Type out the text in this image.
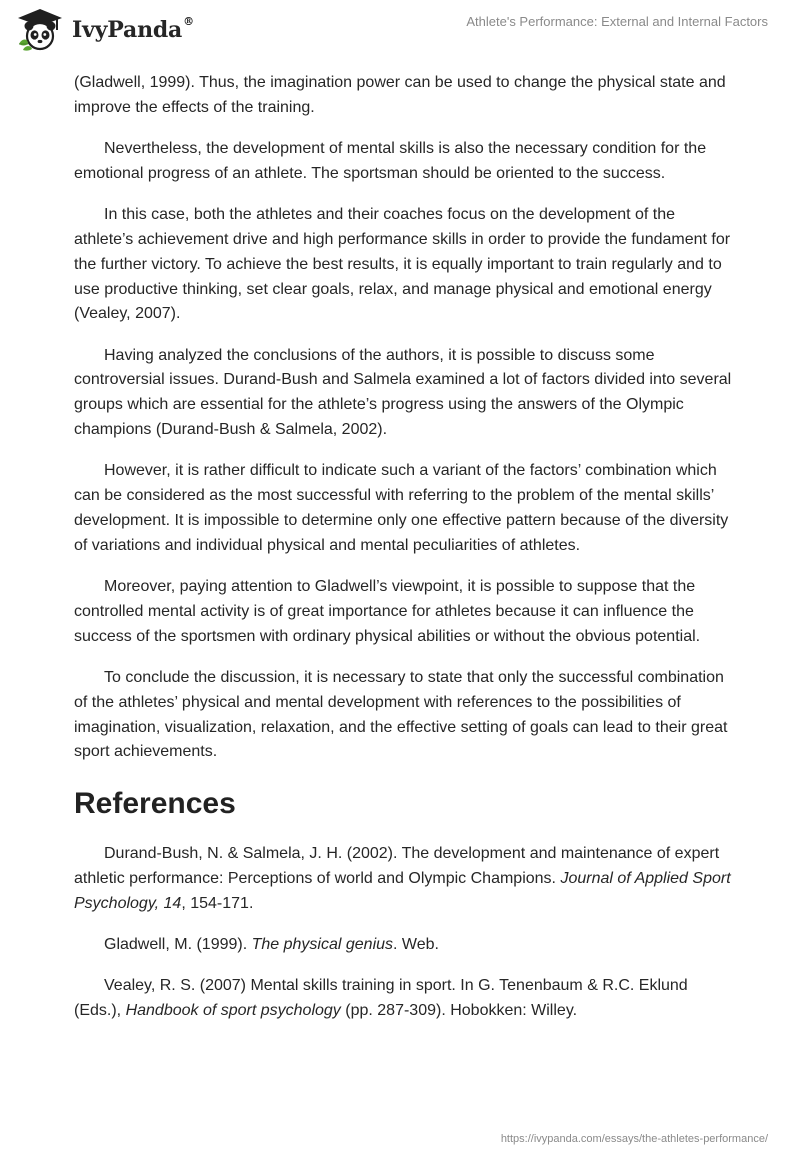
IvyPanda®	Athlete's Performance: External and Internal Factors

(Gladwell, 1999). Thus, the imagination power can be used to change the physical state and improve the effects of the training.

Nevertheless, the development of mental skills is also the necessary condition for the emotional progress of an athlete. The sportsman should be oriented to the success.

In this case, both the athletes and their coaches focus on the development of the athlete’s achievement drive and high performance skills in order to provide the fundament for the further victory. To achieve the best results, it is equally important to train regularly and to use productive thinking, set clear goals, relax, and manage physical and emotional energy (Vealey, 2007).

Having analyzed the conclusions of the authors, it is possible to discuss some controversial issues. Durand-Bush and Salmela examined a lot of factors divided into several groups which are essential for the athlete’s progress using the answers of the Olympic champions (Durand-Bush & Salmela, 2002).

However, it is rather difficult to indicate such a variant of the factors’ combination which can be considered as the most successful with referring to the problem of the mental skills’ development. It is impossible to determine only one effective pattern because of the diversity of variations and individual physical and mental peculiarities of athletes.

Moreover, paying attention to Gladwell’s viewpoint, it is possible to suppose that the controlled mental activity is of great importance for athletes because it can influence the success of the sportsmen with ordinary physical abilities or without the obvious potential.

To conclude the discussion, it is necessary to state that only the successful combination of the athletes’ physical and mental development with references to the possibilities of imagination, visualization, relaxation, and the effective setting of goals can lead to their great sport achievements.

References

Durand-Bush, N. & Salmela, J. H. (2002). The development and maintenance of expert athletic performance: Perceptions of world and Olympic Champions. Journal of Applied Sport Psychology, 14, 154-171.

Gladwell, M. (1999). The physical genius. Web.

Vealey, R. S. (2007) Mental skills training in sport. In G. Tenenbaum & R.C. Eklund (Eds.), Handbook of sport psychology (pp. 287-309). Hobokken: Willey.

https://ivypanda.com/essays/the-athletes-performance/
